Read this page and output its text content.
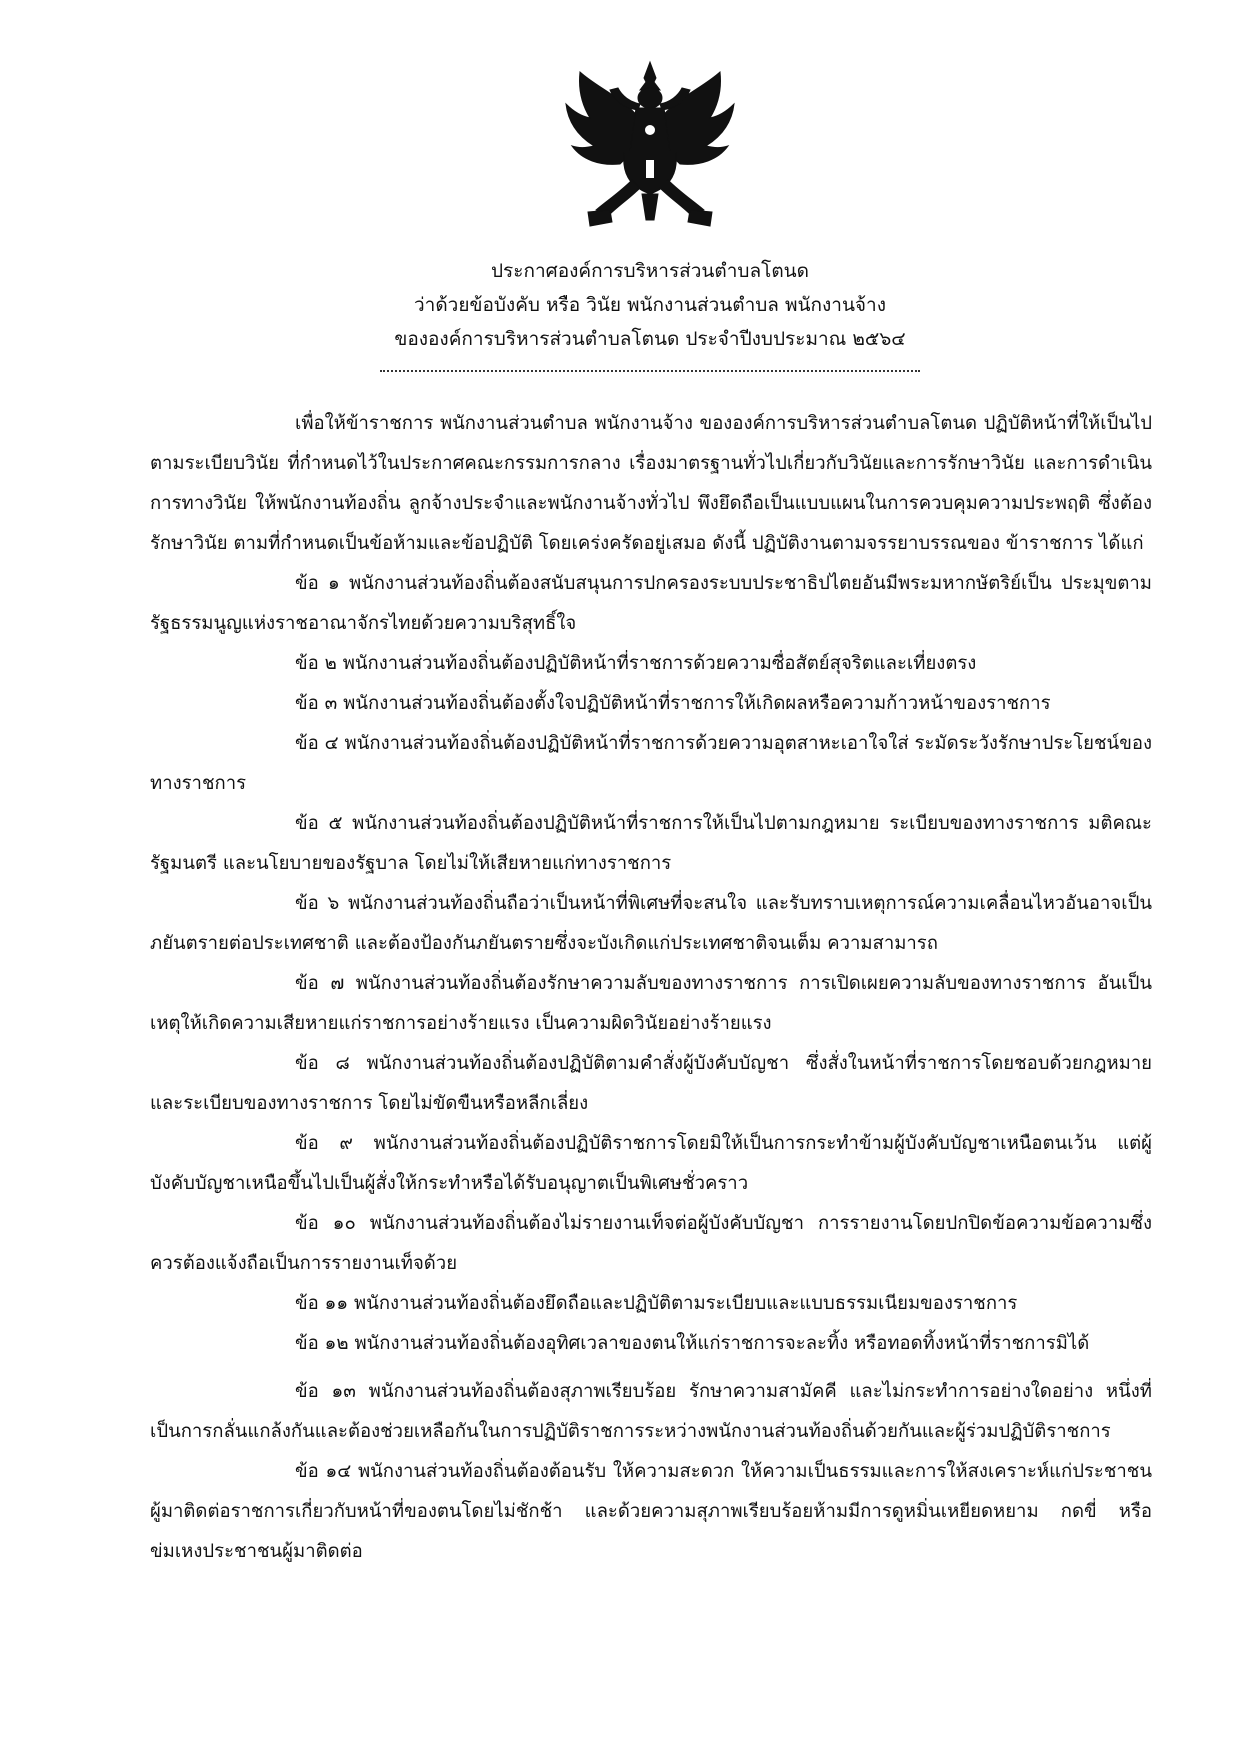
ประกาศองค์การบริหารส่วนตำบลโตนด
ว่าด้วยข้อบังคับ หรือ วินัย พนักงานส่วนตำบล พนักงานจ้าง
ขององค์การบริหารส่วนตำบลโตนด ประจำปีงบประมาณ ๒๕๖๔

เพื่อให้ข้าราชการ พนักงานส่วนตำบล พนักงานจ้าง ขององค์การบริหารส่วนตำบลโตนด ปฏิบัติหน้าที่ให้เป็นไปตามระเบียบวินัย ที่กำหนดไว้ในประกาศคณะกรรมการกลาง เรื่องมาตรฐานทั่วไปเกี่ยวกับวินัยและการรักษาวินัย และการดำเนินการทางวินัย ให้พนักงานท้องถิ่น ลูกจ้างประจำและพนักงานจ้างทั่วไป พึงยึดถือเป็นแบบแผนในการควบคุมความประพฤติ ซึ่งต้องรักษาวินัย ตามที่กำหนดเป็นข้อห้ามและข้อปฏิบัติ โดยเคร่งครัดอยู่เสมอ ดังนี้ ปฏิบัติงานตามจรรยาบรรณของ ข้าราชการ ได้แก่

ข้อ ๑ พนักงานส่วนท้องถิ่นต้องสนับสนุนการปกครองระบบประชาธิปไตยอันมีพระมหากษัตริย์เป็น ประมุขตามรัฐธรรมนูญแห่งราชอาณาจักรไทยด้วยความบริสุทธิ์ใจ

ข้อ ๒ พนักงานส่วนท้องถิ่นต้องปฏิบัติหน้าที่ราชการด้วยความซื่อสัตย์สุจริตและเที่ยงตรง

ข้อ ๓ พนักงานส่วนท้องถิ่นต้องตั้งใจปฏิบัติหน้าที่ราชการให้เกิดผลหรือความก้าวหน้าของราชการ

ข้อ ๔ พนักงานส่วนท้องถิ่นต้องปฏิบัติหน้าที่ราชการด้วยความอุตสาหะเอาใจใส่ ระมัดระวังรักษาประโยชน์ของทางราชการ

ข้อ ๕ พนักงานส่วนท้องถิ่นต้องปฏิบัติหน้าที่ราชการให้เป็นไปตามกฎหมาย ระเบียบของทางราชการ มติคณะรัฐมนตรี และนโยบายของรัฐบาล โดยไม่ให้เสียหายแก่ทางราชการ

ข้อ ๖ พนักงานส่วนท้องถิ่นถือว่าเป็นหน้าที่พิเศษที่จะสนใจ และรับทราบเหตุการณ์ความเคลื่อนไหวอันอาจเป็นภยันตรายต่อประเทศชาติ และต้องป้องกันภยันตรายซึ่งจะบังเกิดแก่ประเทศชาติจนเต็ม ความสามารถ

ข้อ ๗ พนักงานส่วนท้องถิ่นต้องรักษาความลับของทางราชการ การเปิดเผยความลับของทางราชการ อันเป็นเหตุให้เกิดความเสียหายแก่ราชการอย่างร้ายแรง เป็นความผิดวินัยอย่างร้ายแรง

ข้อ ๘ พนักงานส่วนท้องถิ่นต้องปฏิบัติตามคำสั่งผู้บังคับบัญชา ซึ่งสั่งในหน้าที่ราชการโดยชอบด้วยกฎหมายและระเบียบของทางราชการ โดยไม่ขัดขืนหรือหลีกเลี่ยง

ข้อ ๙ พนักงานส่วนท้องถิ่นต้องปฏิบัติราชการโดยมิให้เป็นการกระทำข้ามผู้บังคับบัญชาเหนือตนเว้น แต่ผู้บังคับบัญชาเหนือขึ้นไปเป็นผู้สั่งให้กระทำหรือได้รับอนุญาตเป็นพิเศษชั่วคราว

ข้อ ๑๐ พนักงานส่วนท้องถิ่นต้องไม่รายงานเท็จต่อผู้บังคับบัญชา การรายงานโดยปกปิดข้อความข้อความซึ่งควรต้องแจ้งถือเป็นการรายงานเท็จด้วย

ข้อ ๑๑ พนักงานส่วนท้องถิ่นต้องยึดถือและปฏิบัติตามระเบียบและแบบธรรมเนียมของราชการ

ข้อ ๑๒ พนักงานส่วนท้องถิ่นต้องอุทิศเวลาของตนให้แก่ราชการจะละทิ้ง หรือทอดทิ้งหน้าที่ราชการมิได้

ข้อ ๑๓ พนักงานส่วนท้องถิ่นต้องสุภาพเรียบร้อย รักษาความสามัคคี และไม่กระทำการอย่างใดอย่าง หนึ่งที่เป็นการกลั่นแกล้งกันและต้องช่วยเหลือกันในการปฏิบัติราชการระหว่างพนักงานส่วนท้องถิ่นด้วยกันและผู้ร่วมปฏิบัติราชการ

ข้อ ๑๔ พนักงานส่วนท้องถิ่นต้องต้อนรับ ให้ความสะดวก ให้ความเป็นธรรมและการให้สงเคราะห์แก่ประชาชนผู้มาติดต่อราชการเกี่ยวกับหน้าที่ของตนโดยไม่ชักช้า และด้วยความสุภาพเรียบร้อยห้ามมีการดูหมิ่นเหยียดหยาม กดขี่ หรือข่มเหงประชาชนผู้มาติดต่อ
